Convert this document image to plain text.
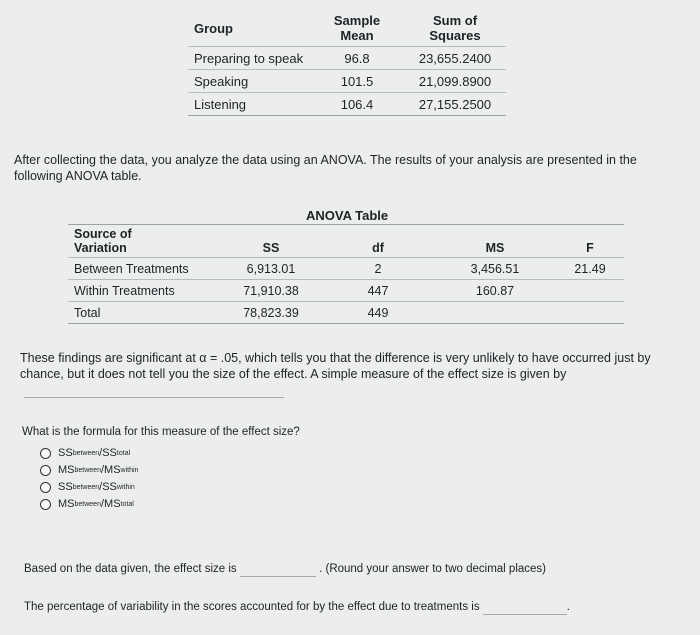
Group	Sample Mean	Sum of Squares
Preparing to speak	96.8	23,655.2400
Speaking	101.5	21,099.8900
Listening	106.4	27,155.2500
After collecting the data, you analyze the data using an ANOVA. The results of your analysis are presented in the following ANOVA table.
ANOVA Table
Source of
Variation	SS	df	MS	F
Between Treatments	6,913.01	2	3,456.51	21.49
Within Treatments	71,910.38	447	160.87	
Total	78,823.39	449		
These findings are significant at α = .05, which tells you that the difference is very unlikely to have occurred just by chance, but it does not tell you the size of the effect. A simple measure of the effect size is given by
What is the formula for this measure of the effect size?
SS between / SS total
MS between / MS within
SS between / SS within
MS between / MS total
Based on the data given, the effect size is	. (Round your answer to two decimal places)
The percentage of variability in the scores accounted for by the effect due to treatments is	.
